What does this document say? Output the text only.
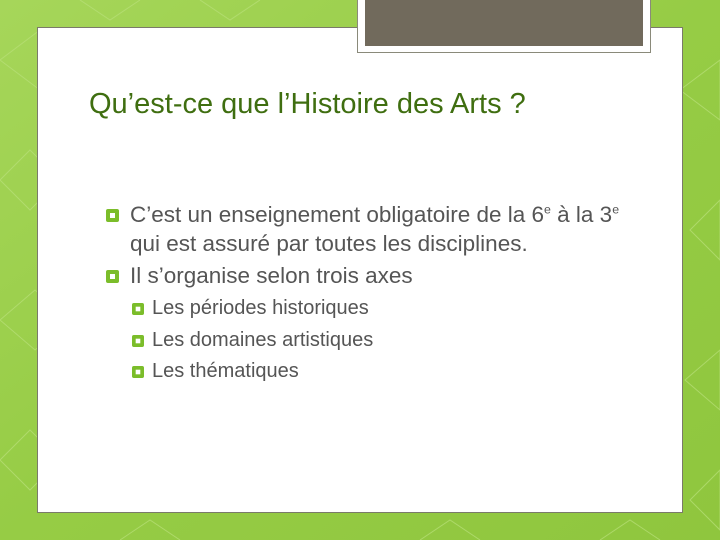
Qu’est-ce que l’Histoire des Arts ?
C’est un enseignement obligatoire de la 6e à la 3e qui est assuré par toutes les disciplines.
Il s’organise selon trois axes
Les périodes historiques
Les domaines artistiques
Les thématiques
